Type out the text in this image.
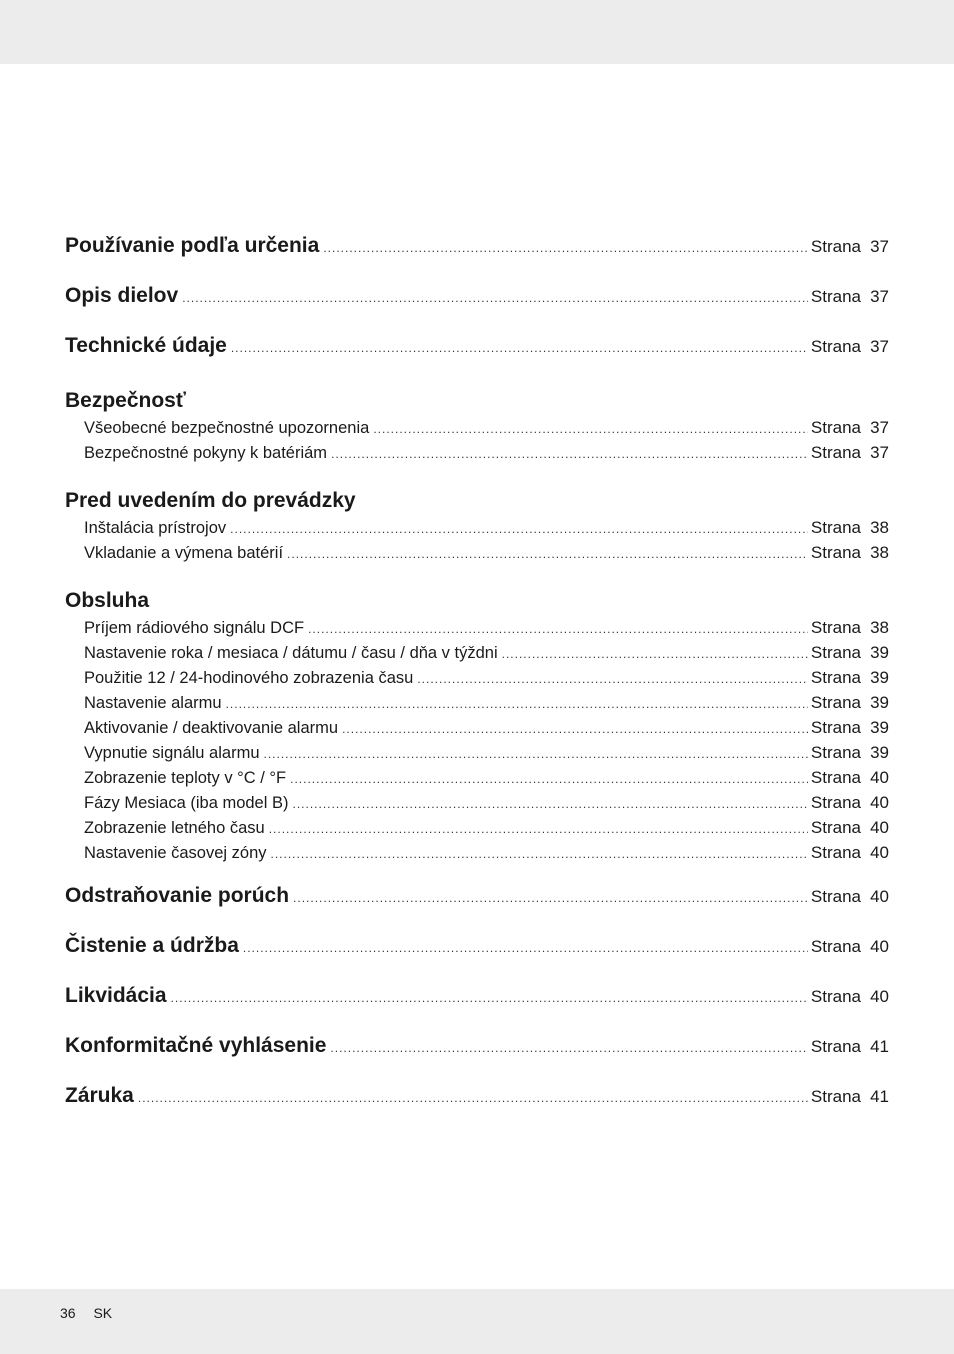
Používanie podľa určenia .....	Strana 37
Opis dielov .....	Strana 37
Technické údaje .....	Strana 37
Bezpečnosť
Všeobecné bezpečnostné upozornenia .....	Strana 37
Bezpečnostné pokyny k batériám .....	Strana 37
Pred uvedením do prevádzky
Inštalácia prístrojov .....	Strana 38
Vkladanie a výmena batérií .....	Strana 38
Obsluha
Príjem rádiového signálu DCF .....	Strana 38
Nastavenie roka / mesiaca / dátumu / času / dňa v týždni .....	Strana 39
Použitie 12 / 24-hodinového zobrazenia času .....	Strana 39
Nastavenie alarmu .....	Strana 39
Aktivovanie / deaktivovanie alarmu .....	Strana 39
Vypnutie signálu alarmu .....	Strana 39
Zobrazenie teploty v °C / °F .....	Strana 40
Fázy Mesiaca (iba model B) .....	Strana 40
Zobrazenie letného času .....	Strana 40
Nastavenie časovej zóny .....	Strana 40
Odstraňovanie porúch .....	Strana 40
Čistenie a údržba .....	Strana 40
Likvidácia .....	Strana 40
Konformitačné vyhlásenie .....	Strana 41
Záruka .....	Strana 41
36 SK
